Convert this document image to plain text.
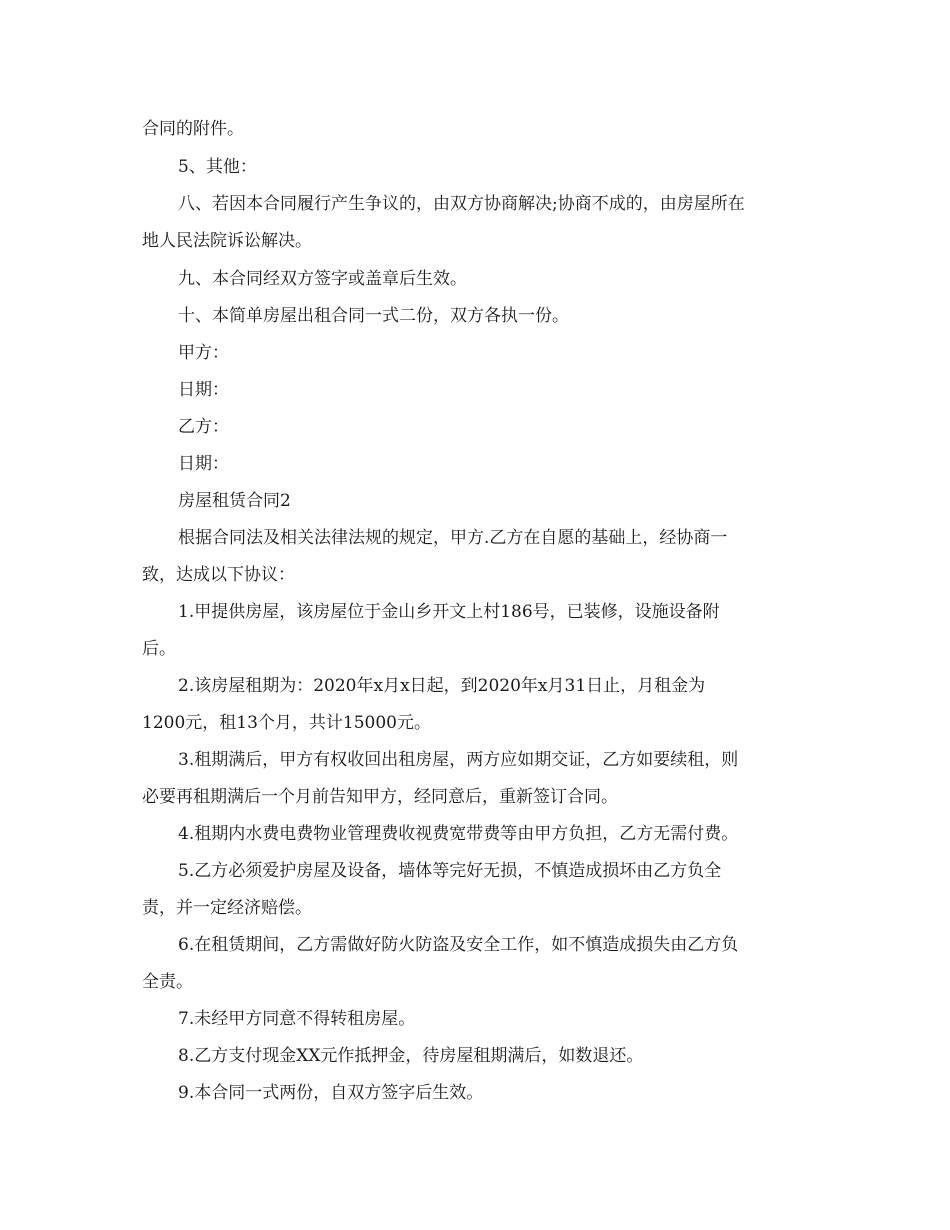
合同的附件。
5、其他：
八、若因本合同履行产生争议的，由双方协商解决;协商不成的，由房屋所在
地人民法院诉讼解决。
九、本合同经双方签字或盖章后生效。
十、本简单房屋出租合同一式二份，双方各执一份。
甲方：
日期：
乙方：
日期：
房屋租赁合同2
根据合同法及相关法律法规的规定，甲方.乙方在自愿的基础上，经协商一
致，达成以下协议：
1.甲提供房屋，该房屋位于金山乡开文上村186号，已装修，设施设备附
后。
2.该房屋租期为：2020年x月x日起，到2020年x月31日止，月租金为
1200元，租13个月，共计15000元。
3.租期满后，甲方有权收回出租房屋，两方应如期交证，乙方如要续租，则
必要再租期满后一个月前告知甲方，经同意后，重新签订合同。
4.租期内水费电费物业管理费收视费宽带费等由甲方负担，乙方无需付费。
5.乙方必须爱护房屋及设备，墙体等完好无损，不慎造成损坏由乙方负全
责，并一定经济赔偿。
6.在租赁期间，乙方需做好防火防盗及安全工作，如不慎造成损失由乙方负
全责。
7.未经甲方同意不得转租房屋。
8.乙方支付现金XX元作抵押金，待房屋租期满后，如数退还。
9.本合同一式两份，自双方签字后生效。
